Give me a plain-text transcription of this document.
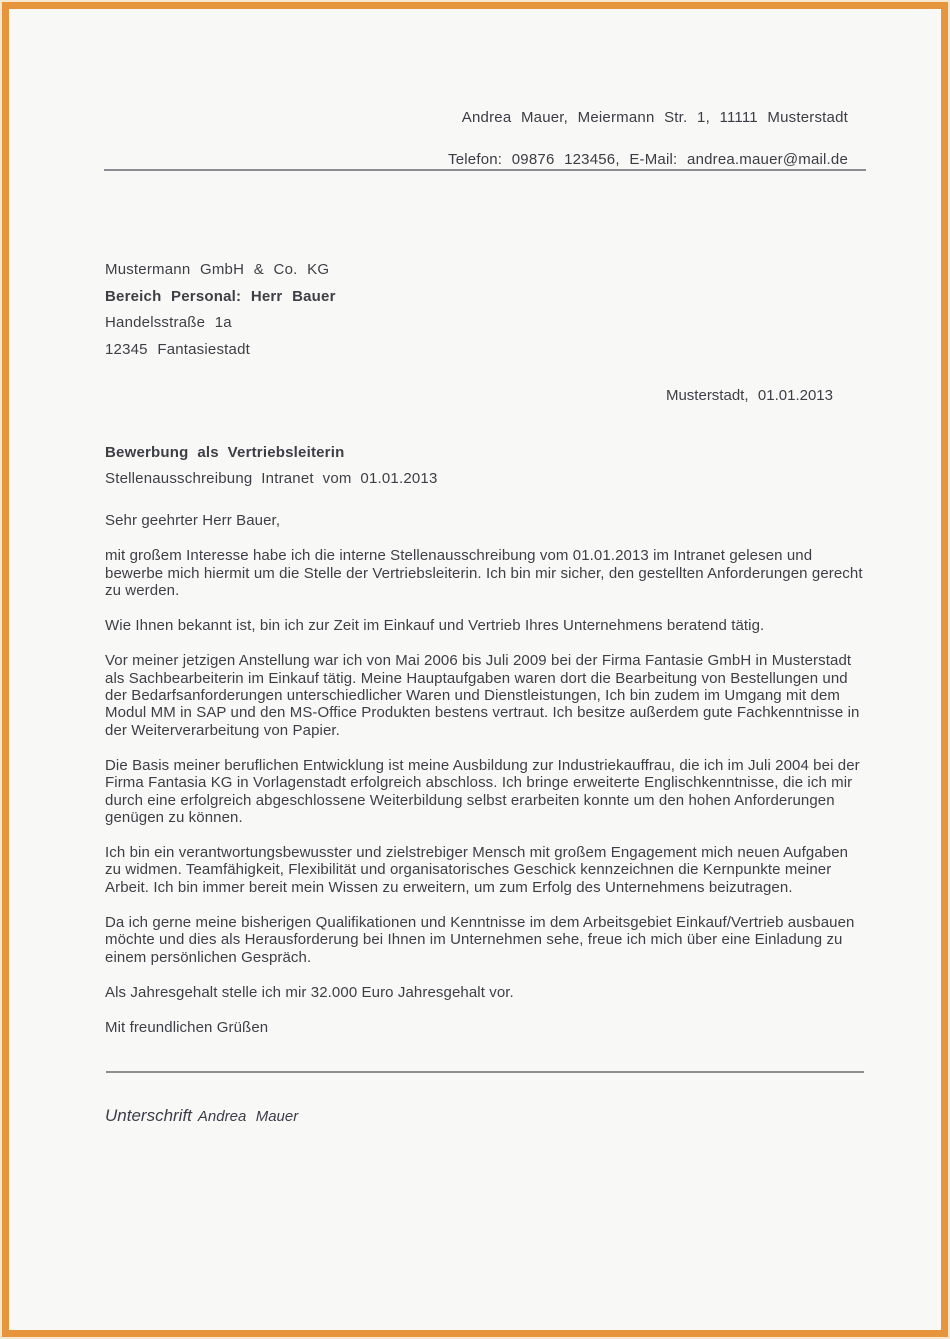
Andrea Mauer, Meiermann Str. 1, 11111 Musterstadt
Telefon: 09876 123456, E-Mail: andrea.mauer@mail.de
Mustermann GmbH & Co. KG
Bereich Personal: Herr Bauer
Handelsstraße 1a
12345 Fantasiestadt
Musterstadt, 01.01.2013
Bewerbung als Vertriebsleiterin
Stellenausschreibung Intranet vom 01.01.2013

Sehr geehrter Herr Bauer,

mit großem Interesse habe ich die interne Stellenausschreibung vom 01.01.2013 im Intranet gelesen und bewerbe mich hiermit um die Stelle der Vertriebsleiterin. Ich bin mir sicher, den gestellten Anforderungen gerecht zu werden.

Wie Ihnen bekannt ist, bin ich zur Zeit im Einkauf und Vertrieb Ihres Unternehmens beratend tätig.

Vor meiner jetzigen Anstellung war ich von Mai 2006 bis Juli 2009 bei der Firma Fantasie GmbH in Musterstadt als Sachbearbeiterin im Einkauf tätig. Meine Hauptaufgaben waren dort die Bearbeitung von Bestellungen und der Bedarfsanforderungen unterschiedlicher Waren und Dienstleistungen, Ich bin zudem im Umgang mit dem Modul MM in SAP und den MS-Office Produkten bestens vertraut. Ich besitze außerdem gute Fachkenntnisse in der Weiterverarbeitung von Papier.

Die Basis meiner beruflichen Entwicklung ist meine Ausbildung zur Industriekauffrau, die ich im Juli 2004 bei der Firma Fantasia KG in Vorlagenstadt erfolgreich abschloss. Ich bringe erweiterte Englischkenntnisse, die ich mir durch eine erfolgreich abgeschlossene Weiterbildung selbst erarbeiten konnte um den hohen Anforderungen genügen zu können.

Ich bin ein verantwortungsbewusster und zielstrebiger Mensch mit großem Engagement mich neuen Aufgaben zu widmen. Teamfähigkeit, Flexibilität und organisatorisches Geschick kennzeichnen die Kernpunkte meiner Arbeit. Ich bin immer bereit mein Wissen zu erweitern, um zum Erfolg des Unternehmens beizutragen.

Da ich gerne meine bisherigen Qualifikationen und Kenntnisse im dem Arbeitsgebiet Einkauf/Vertrieb ausbauen möchte und dies als Herausforderung bei Ihnen im Unternehmen sehe, freue ich mich über eine Einladung zu einem persönlichen Gespräch.

Als Jahresgehalt stelle ich mir 32.000 Euro Jahresgehalt vor.

Mit freundlichen Grüßen

Unterschrift Andrea Mauer
